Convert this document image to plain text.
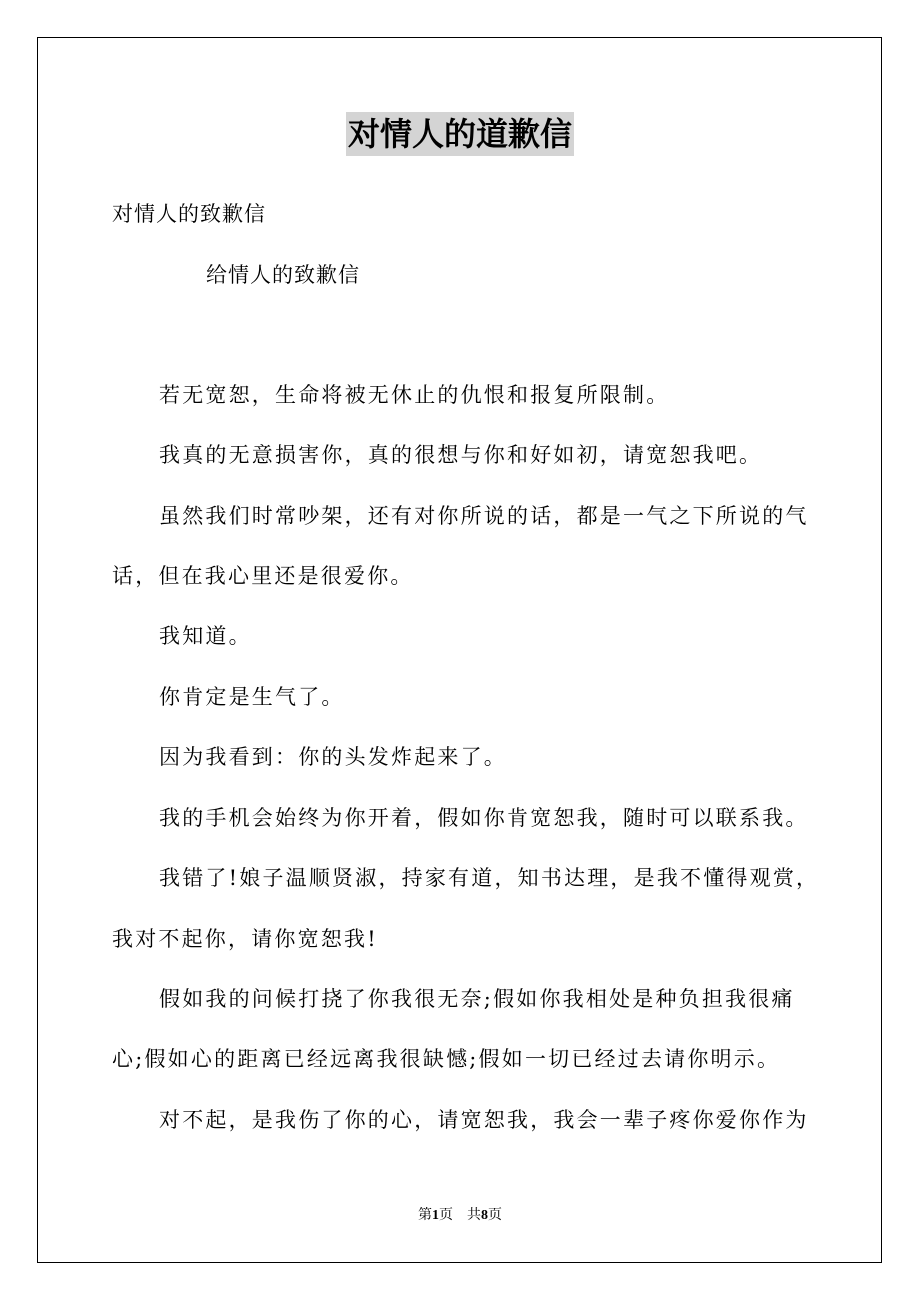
对情人的道歉信

对情人的致歉信

给情人的致歉信

若无宽恕，生命将被无休止的仇恨和报复所限制。

我真的无意损害你，真的很想与你和好如初，请宽恕我吧。

虽然我们时常吵架，还有对你所说的话，都是一气之下所说的气

话，但在我心里还是很爱你。

我知道。

你肯定是生气了。

因为我看到：你的头发炸起来了。

我的手机会始终为你开着，假如你肯宽恕我，随时可以联系我。

我错了!娘子温顺贤淑，持家有道，知书达理，是我不懂得观赏，

我对不起你，请你宽恕我!

假如我的问候打挠了你我很无奈;假如你我相处是种负担我很痛

心;假如心的距离已经远离我很缺憾;假如一切已经过去请你明示。

对不起，是我伤了你的心，请宽恕我，我会一辈子疼你爱你作为

第1页 共8页
